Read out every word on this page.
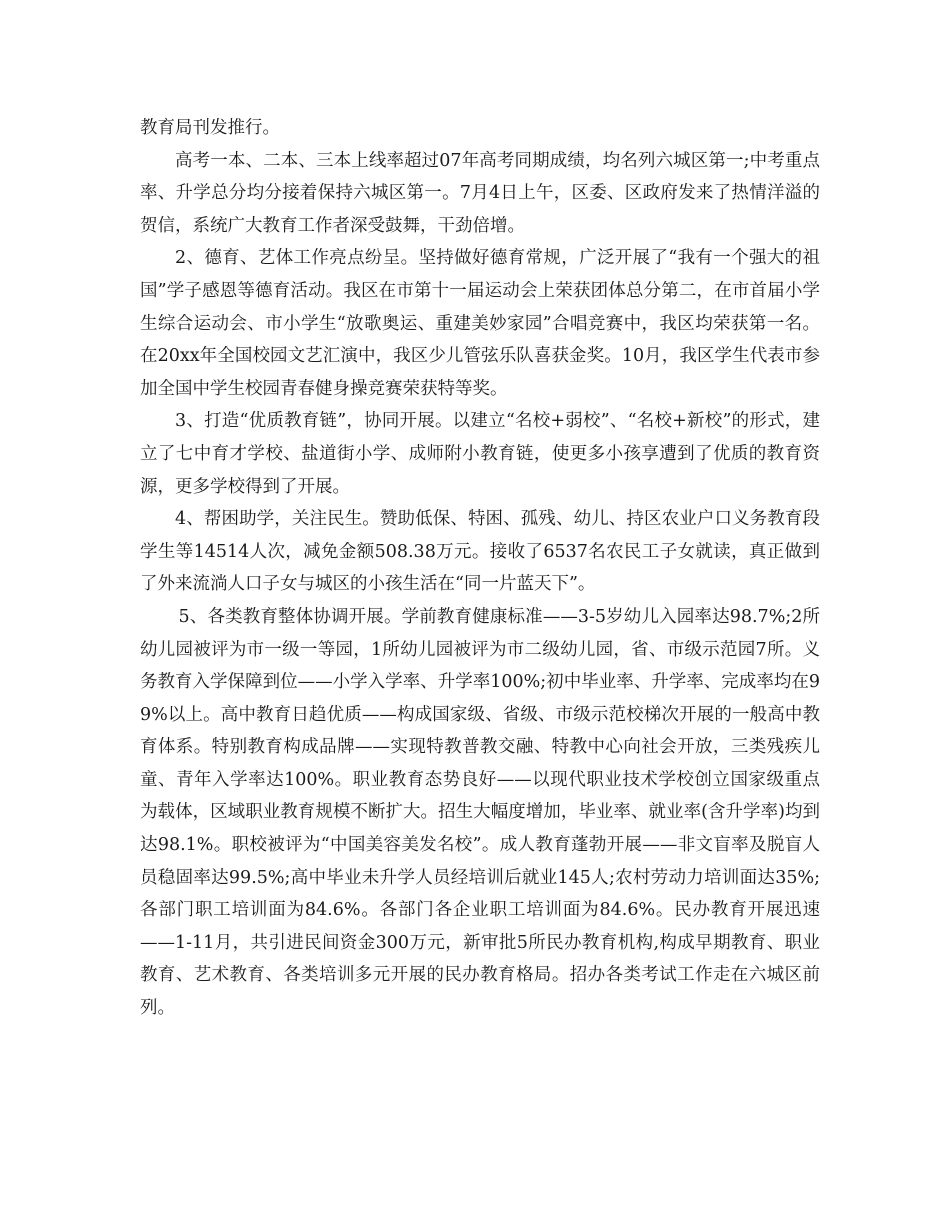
教育局刊发推行。

高考一本、二本、三本上线率超过07年高考同期成绩，均名列六城区第一;中考重点率、升学总分均分接着保持六城区第一。7月4日上午，区委、区政府发来了热情洋溢的贺信，系统广大教育工作者深受鼓舞，干劲倍增。

2、德育、艺体工作亮点纷呈。坚持做好德育常规，广泛开展了“我有一个强大的祖国”学子感恩等德育活动。我区在市第十一届运动会上荣获团体总分第二，在市首届小学生综合运动会、市小学生“放歌奥运、重建美妙家园”合唱竞赛中，我区均荣获第一名。在20xx年全国校园文艺汇演中，我区少儿管弦乐队喜获金奖。10月，我区学生代表市参加全国中学生校园青春健身操竞赛荣获特等奖。

3、打造“优质教育链”，协同开展。以建立“名校+弱校”、“名校+新校”的形式，建立了七中育才学校、盐道街小学、成师附小教育链，使更多小孩享遭到了优质的教育资源，更多学校得到了开展。

4、帮困助学，关注民生。赞助低保、特困、孤残、幼儿、持区农业户口义务教育段学生等14514人次，减免金额508.38万元。接收了6537名农民工子女就读，真正做到了外来流淌人口子女与城区的小孩生活在“同一片蓝天下”。

5、各类教育整体协调开展。学前教育健康标准——3-5岁幼儿入园率达98.7%;2所幼儿园被评为市一级一等园，1所幼儿园被评为市二级幼儿园，省、市级示范园7所。义务教育入学保障到位——小学入学率、升学率100%;初中毕业率、升学率、完成率均在99%以上。高中教育日趋优质——构成国家级、省级、市级示范校梯次开展的一般高中教育体系。特别教育构成品牌——实现特教普教交融、特教中心向社会开放，三类残疾儿童、青年入学率达100%。职业教育态势良好——以现代职业技术学校创立国家级重点为载体，区域职业教育规模不断扩大。招生大幅度增加，毕业率、就业率(含升学率)均到达98.1%。职校被评为“中国美容美发名校”。成人教育蓬勃开展——非文盲率及脱盲人员稳固率达99.5%;高中毕业未升学人员经培训后就业145人;农村劳动力培训面达35%;各部门职工培训面为84.6%。各部门各企业职工培训面为84.6%。民办教育开展迅速——1-11月，共引进民间资金300万元，新审批5所民办教育机构,构成早期教育、职业教育、艺术教育、各类培训多元开展的民办教育格局。招办各类考试工作走在六城区前列。
